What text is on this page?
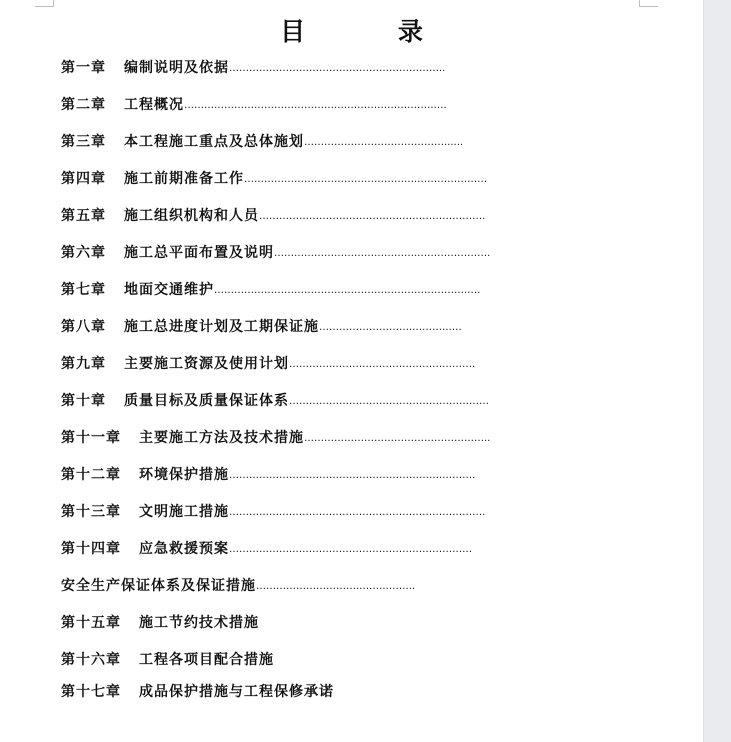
目 录
第一章 编制说明及依据………………………………………………………..
第二章 工程概况……………………………………….………………….…….….
第三章 本工程施工重点及总体施划……………………………………......
第四章 施工前期准备工作…………………………………………….…………………
第五章 施工组织机构和人员…………………………………….…………………….
第六章 施工总平面布置及说明…………………………………….………………….
第七章 地面交通维护………………………………………………………………….….
第八章 施工总进度计划及工期保证施……………………….….…….….
第九章 主要施工资源及使用计划………….…………………………….………
第十章 质量目标及质量保证体系……………………………………………………
第十一章 主要施工方法及技术措施………………………………………………..
第十二章 环境保护措施……………………………………………………….……….
第十三章 文明施工措施…………….…………………………………………………….
第十四章 应急救援预案……………….………………………………………………
安全生产保证体系及保证措施………………………….….….……...
第十五章 施工节约技术措施
第十六章 工程各项目配合措施
第十七章 成品保护措施与工程保修承诺
